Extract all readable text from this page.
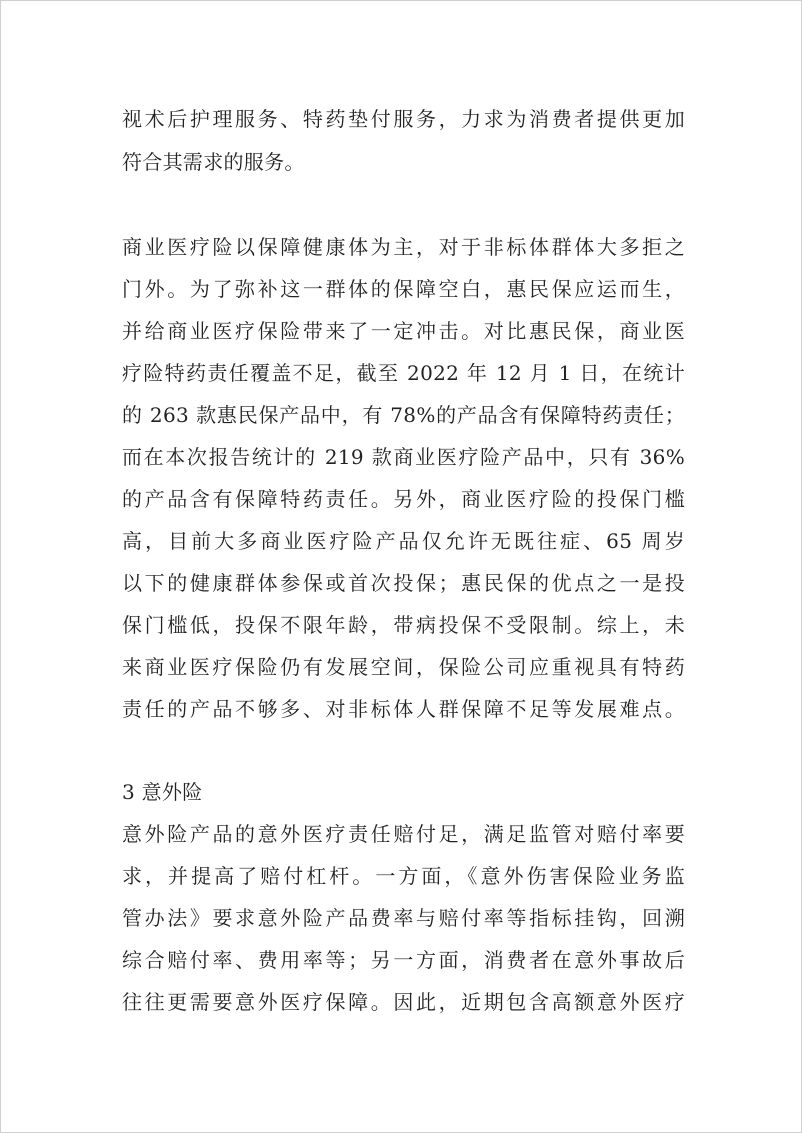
视术后护理服务、特药垫付服务，力求为消费者提供更加
符合其需求的服务。
商业医疗险以保障健康体为主，对于非标体群体大多拒之
门外。为了弥补这一群体的保障空白，惠民保应运而生，
并给商业医疗保险带来了一定冲击。对比惠民保，商业医
疗险特药责任覆盖不足，截至 2022 年 12 月 1 日，在统计
的 263 款惠民保产品中，有 78%的产品含有保障特药责任；
而在本次报告统计的 219 款商业医疗险产品中，只有 36%
的产品含有保障特药责任。另外，商业医疗险的投保门槛
高，目前大多商业医疗险产品仅允许无既往症、65 周岁
以下的健康群体参保或首次投保；惠民保的优点之一是投
保门槛低，投保不限年龄，带病投保不受限制。综上，未
来商业医疗保险仍有发展空间，保险公司应重视具有特药
责任的产品不够多、对非标体人群保障不足等发展难点。
3 意外险
意外险产品的意外医疗责任赔付足，满足监管对赔付率要
求，并提高了赔付杠杆。一方面，《意外伤害保险业务监
管办法》要求意外险产品费率与赔付率等指标挂钩，回溯
综合赔付率、费用率等；另一方面，消费者在意外事故后
往往更需要意外医疗保障。因此，近期包含高额意外医疗
